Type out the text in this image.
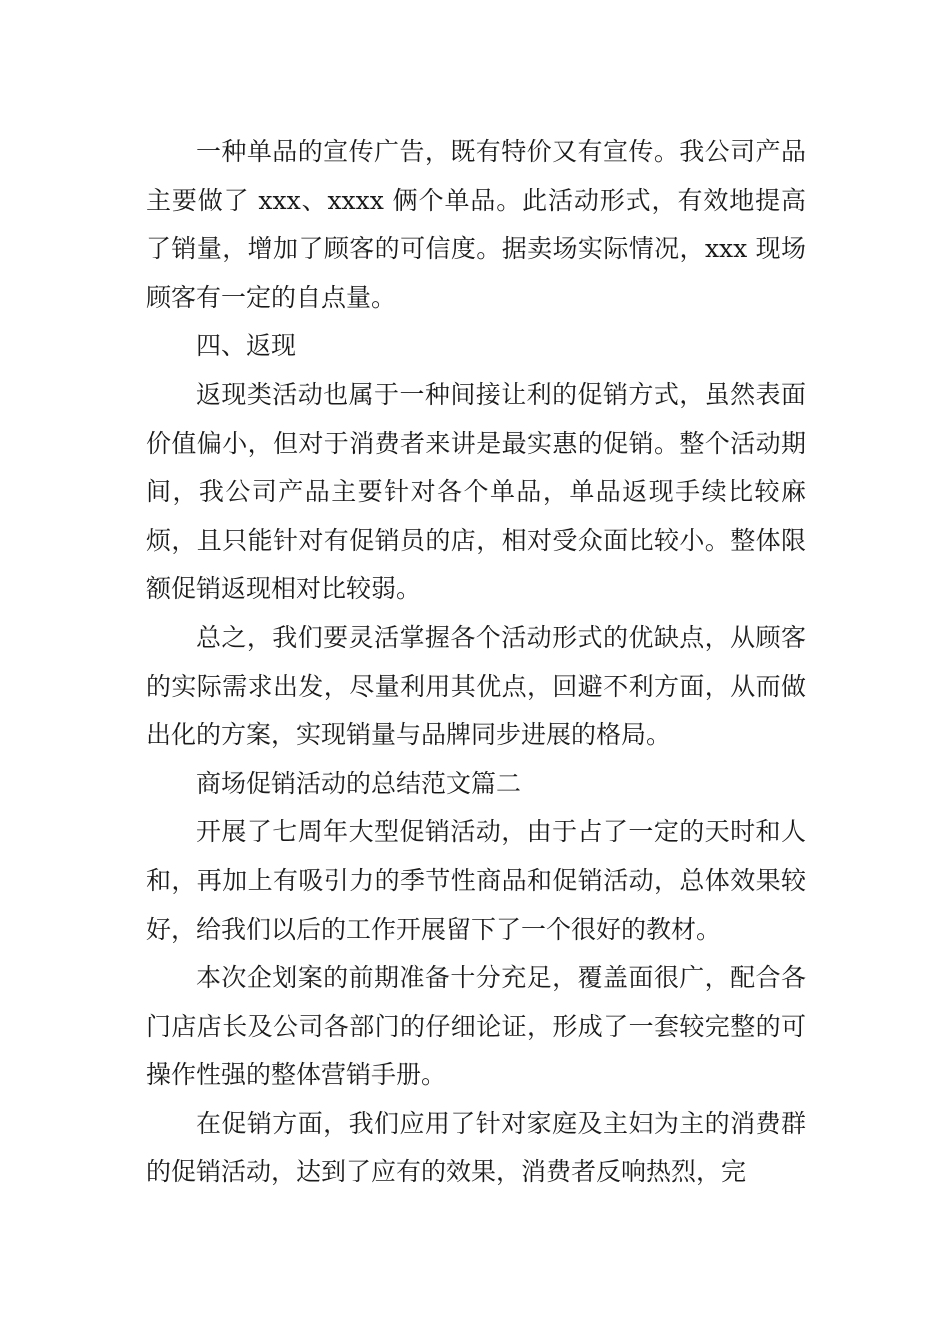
一种单品的宣传广告，既有特价又有宣传。我公司产品主要做了 xxx、xxxx 俩个单品。此活动形式，有效地提高了销量，增加了顾客的可信度。据卖场实际情况，xxx 现场顾客有一定的自点量。

四、返现

返现类活动也属于一种间接让利的促销方式，虽然表面价值偏小，但对于消费者来讲是最实惠的促销。整个活动期间，我公司产品主要针对各个单品，单品返现手续比较麻烦，且只能针对有促销员的店，相对受众面比较小。整体限额促销返现相对比较弱。

总之，我们要灵活掌握各个活动形式的优缺点，从顾客的实际需求出发，尽量利用其优点，回避不利方面，从而做出化的方案，实现销量与品牌同步进展的格局。

商场促销活动的总结范文篇二

开展了七周年大型促销活动，由于占了一定的天时和人和，再加上有吸引力的季节性商品和促销活动，总体效果较好，给我们以后的工作开展留下了一个很好的教材。

本次企划案的前期准备十分充足，覆盖面很广，配合各门店店长及公司各部门的仔细论证，形成了一套较完整的可操作性强的整体营销手册。

在促销方面，我们应用了针对家庭及主妇为主的消费群的促销活动，达到了应有的效果，消费者反响热烈，完
